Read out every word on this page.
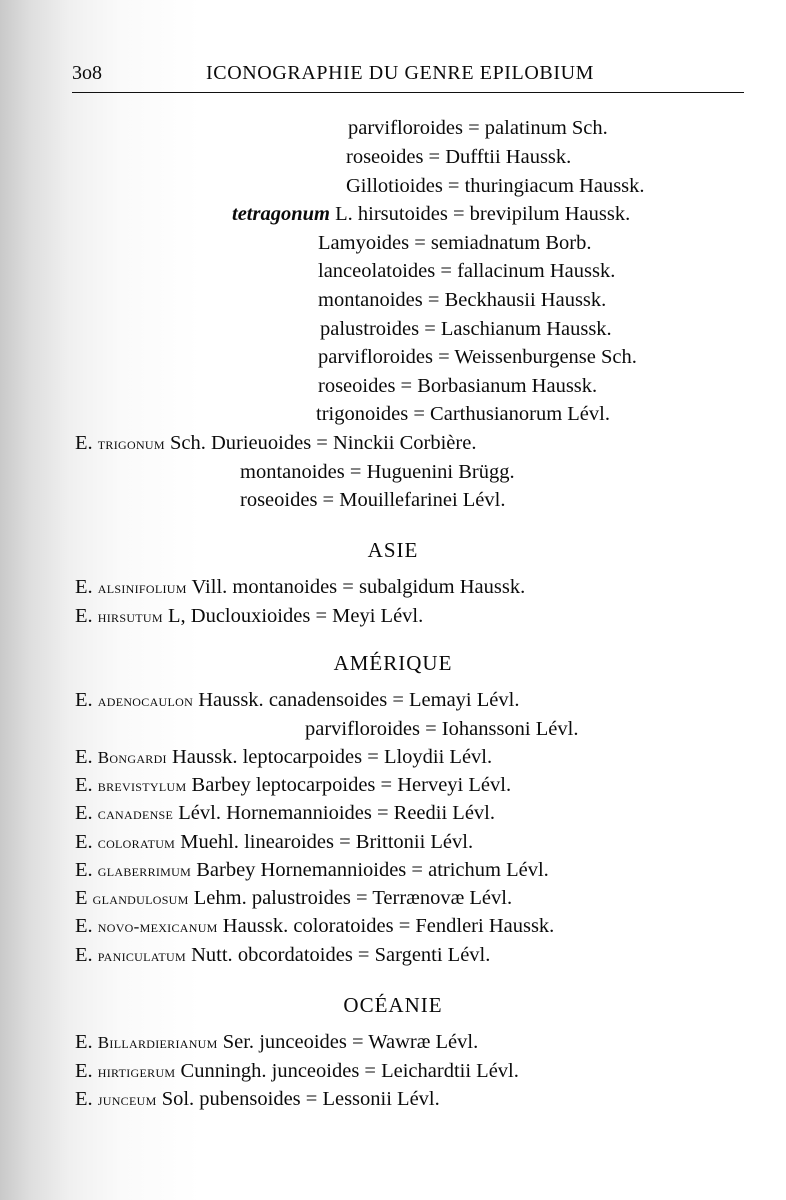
3o8	ICONOGRAPHIE DU GENRE EPILOBIUM
parvifloroides = palatinum Sch.
roseoides = Dufftii Haussk.
Gillotioides = thuringiacum Haussk.
tetragonum L. hirsutoides = brevipilum Haussk.
Lamyoides = semiadnatum Borb.
lanceolatoides = fallacinum Haussk.
montanoides = Beckhausii Haussk.
palustroides = Laschianum Haussk.
parvifloroides = Weissenburgense Sch.
roseoides = Borbasianum Haussk.
trigonoides = Carthusianorum Lévl.
E. trigonum Sch. Durieuoides = Ninckii Corbière.
montanoides = Huguenini Brügg.
roseoides = Mouillefarinei Lévl.
ASIE
E. alsinifolium Vill. montanoides = subalgidum Haussk.
E. hirsutum L, Duclouxioides = Meyi Lévl.
AMÉRIQUE
E. adenocaulon Haussk. canadensoides = Lemayi Lévl.
parvifloroides = Iohanssoni Lévl.
E. Bongardi Haussk. leptocarpoides = Lloydii Lévl.
E. brevistylum Barbey leptocarpoides = Herveyi Lévl.
E. canadense Lévl. Hornemannioides = Reedii Lévl.
E. coloratum Muehl. linearoides = Brittonii Lévl.
E. glaberrimum Barbey Hornemannioides = atrichum Lévl.
E glandulosum Lehm. palustroides = Terrænovæ Lévl.
E. novo-mexicanum Haussk. coloratoides = Fendleri Haussk.
E. paniculatum Nutt. obcordatoides = Sargenti Lévl.
OCÉANIE
E. Billardierianum Ser. junceoides = Wawræ Lévl.
E. hirtigerum Cunningh. junceoides = Leichardtii Lévl.
E. junceum Sol. pubensoides = Lessonii Lévl.
